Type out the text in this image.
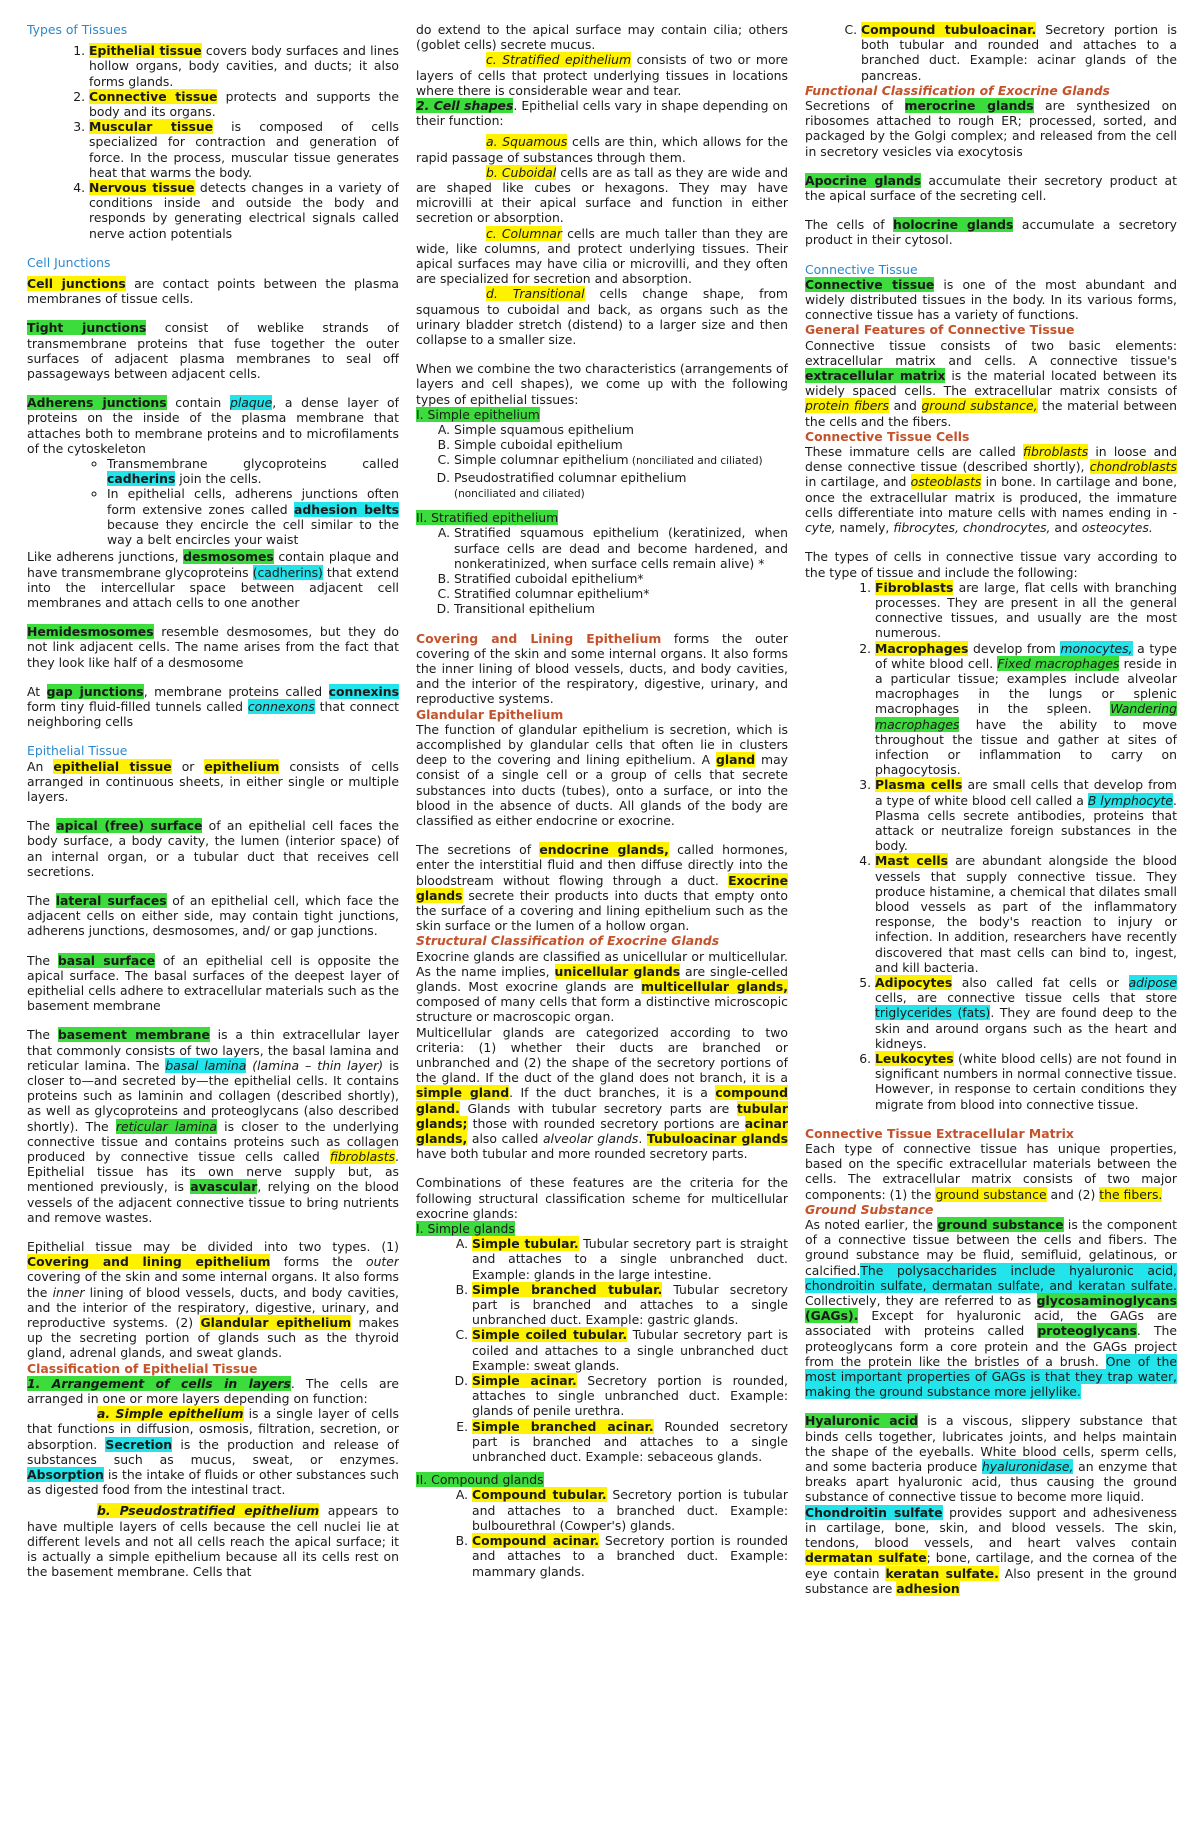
Types of Tissues

1. Epithelial tissue covers body surfaces and lines hollow organs, body cavities, and ducts; it also forms glands.
2. Connective tissue protects and supports the body and its organs.
3. Muscular tissue is composed of cells specialized for contraction and generation of force. In the process, muscular tissue generates heat that warms the body.
4. Nervous tissue detects changes in a variety of conditions inside and outside the body and responds by generating electrical signals called nerve action potentials

Cell Junctions

Cell junctions are contact points between the plasma membranes of tissue cells.

Tight junctions consist of weblike strands of transmembrane proteins that fuse together the outer surfaces of adjacent plasma membranes to seal off passageways between adjacent cells.

Adherens junctions contain plaque, a dense layer of proteins on the inside of the plasma membrane that attaches both to membrane proteins and to microfilaments of the cytoskeleton

◦ Transmembrane glycoproteins called cadherins join the cells.
◦ In epithelial cells, adherens junctions often form extensive zones called adhesion belts because they encircle the cell similar to the way a belt encircles your waist

Like adherens junctions, desmosomes contain plaque and have transmembrane glycoproteins (cadherins) that extend into the intercellular space between adjacent cell membranes and attach cells to one another

Hemidesmosomes resemble desmosomes, but they do not link adjacent cells. The name arises from the fact that they look like half of a desmosome

At gap junctions, membrane proteins called connexins form tiny fluid-filled tunnels called connexons that connect neighboring cells

Epithelial Tissue

An epithelial tissue or epithelium consists of cells arranged in continuous sheets, in either single or multiple layers.

The apical (free) surface of an epithelial cell faces the body surface, a body cavity, the lumen (interior space) of an internal organ, or a tubular duct that receives cell secretions.

The lateral surfaces of an epithelial cell, which face the adjacent cells on either side, may contain tight junctions, adherens junctions, desmosomes, and/ or gap junctions.

The basal surface of an epithelial cell is opposite the apical surface. The basal surfaces of the deepest layer of epithelial cells adhere to extracellular materials such as the basement membrane

The basement membrane is a thin extracellular layer that commonly consists of two layers, the basal lamina and reticular lamina. The basal lamina (lamina – thin layer) is closer to—and secreted by—the epithelial cells. It contains proteins such as laminin and collagen (described shortly), as well as glycoproteins and proteoglycans (also described shortly). The reticular lamina is closer to the underlying connective tissue and contains proteins such as collagen produced by connective tissue cells called fibroblasts. Epithelial tissue has its own nerve supply but, as mentioned previously, is avascular, relying on the blood vessels of the adjacent connective tissue to bring nutrients and remove wastes.

Epithelial tissue may be divided into two types. (1) Covering and lining epithelium forms the outer covering of the skin and some internal organs. It also forms the inner lining of blood vessels, ducts, and body cavities, and the interior of the respiratory, digestive, urinary, and reproductive systems. (2) Glandular epithelium makes up the secreting portion of glands such as the thyroid gland, adrenal glands, and sweat glands.

Classification of Epithelial Tissue

1. Arrangement of cells in layers. The cells are arranged in one or more layers depending on function:

a. Simple epithelium is a single layer of cells that functions in diffusion, osmosis, filtration, secretion, or absorption. Secretion is the production and release of substances such as mucus, sweat, or enzymes. Absorption is the intake of fluids or other substances such as digested food from the intestinal tract.

b. Pseudostratified epithelium appears to have multiple layers of cells because the cell nuclei lie at different levels and not all cells reach the apical surface; it is actually a simple epithelium because all its cells rest on the basement membrane. Cells that

do extend to the apical surface may contain cilia; others (goblet cells) secrete mucus.

c. Stratified epithelium consists of two or more layers of cells that protect underlying tissues in locations where there is considerable wear and tear.

2. Cell shapes. Epithelial cells vary in shape depending on their function:

a. Squamous cells are thin, which allows for the rapid passage of substances through them.

b. Cuboidal cells are as tall as they are wide and are shaped like cubes or hexagons. They may have microvilli at their apical surface and function in either secretion or absorption.

c. Columnar cells are much taller than they are wide, like columns, and protect underlying tissues. Their apical surfaces may have cilia or microvilli, and they often are specialized for secretion and absorption.

d. Transitional cells change shape, from squamous to cuboidal and back, as organs such as the urinary bladder stretch (distend) to a larger size and then collapse to a smaller size.

When we combine the two characteristics (arrangements of layers and cell shapes), we come up with the following types of epithelial tissues:

I. Simple epithelium

A. Simple squamous epithelium
B. Simple cuboidal epithelium
C. Simple columnar epithelium (nonciliated and ciliated)
D. Pseudostratified columnar epithelium
(nonciliated and ciliated)

II. Stratified epithelium

A. Stratified squamous epithelium (keratinized, when surface cells are dead and become hardened, and nonkeratinized, when surface cells remain alive) *
B. Stratified cuboidal epithelium*
C. Stratified columnar epithelium*
D. Transitional epithelium

Covering and Lining Epithelium forms the outer covering of the skin and some internal organs. It also forms the inner lining of blood vessels, ducts, and body cavities, and the interior of the respiratory, digestive, urinary, and reproductive systems.

Glandular Epithelium

The function of glandular epithelium is secretion, which is accomplished by glandular cells that often lie in clusters deep to the covering and lining epithelium. A gland may consist of a single cell or a group of cells that secrete substances into ducts (tubes), onto a surface, or into the blood in the absence of ducts. All glands of the body are classified as either endocrine or exocrine.

The secretions of endocrine glands, called hormones, enter the interstitial fluid and then diffuse directly into the bloodstream without flowing through a duct. Exocrine glands secrete their products into ducts that empty onto the surface of a covering and lining epithelium such as the skin surface or the lumen of a hollow organ.

Structural Classification of Exocrine Glands

Exocrine glands are classified as unicellular or multicellular. As the name implies, unicellular glands are single-celled glands. Most exocrine glands are multicellular glands, composed of many cells that form a distinctive microscopic structure or macroscopic organ.

Multicellular glands are categorized according to two criteria: (1) whether their ducts are branched or unbranched and (2) the shape of the secretory portions of the gland. If the duct of the gland does not branch, it is a simple gland. If the duct branches, it is a compound gland. Glands with tubular secretory parts are tubular glands; those with rounded secretory portions are acinar glands, also called alveolar glands. Tubuloacinar glands have both tubular and more rounded secretory parts.

Combinations of these features are the criteria for the following structural classification scheme for multicellular exocrine glands:

I. Simple glands

A. Simple tubular. Tubular secretory part is straight and attaches to a single unbranched duct. Example: glands in the large intestine.
B. Simple branched tubular. Tubular secretory part is branched and attaches to a single unbranched duct. Example: gastric glands.
C. Simple coiled tubular. Tubular secretory part is coiled and attaches to a single unbranched duct Example: sweat glands.
D. Simple acinar. Secretory portion is rounded, attaches to single unbranched duct. Example: glands of penile urethra.
E. Simple branched acinar. Rounded secretory part is branched and attaches to a single unbranched duct. Example: sebaceous glands.

II. Compound glands

A. Compound tubular. Secretory portion is tubular and attaches to a branched duct. Example: bulbourethral (Cowper's) glands.
B. Compound acinar. Secretory portion is rounded and attaches to a branched duct. Example: mammary glands.
C. Compound tubuloacinar. Secretory portion is both tubular and rounded and attaches to a branched duct. Example: acinar glands of the pancreas.

Functional Classification of Exocrine Glands

Secretions of merocrine glands are synthesized on ribosomes attached to rough ER; processed, sorted, and packaged by the Golgi complex; and released from the cell in secretory vesicles via exocytosis

Apocrine glands accumulate their secretory product at the apical surface of the secreting cell.

The cells of holocrine glands accumulate a secretory product in their cytosol.

Connective Tissue

Connective tissue is one of the most abundant and widely distributed tissues in the body. In its various forms, connective tissue has a variety of functions.

General Features of Connective Tissue

Connective tissue consists of two basic elements: extracellular matrix and cells. A connective tissue's extracellular matrix is the material located between its widely spaced cells. The extracellular matrix consists of protein fibers and ground substance, the material between the cells and the fibers.

Connective Tissue Cells

These immature cells are called fibroblasts in loose and dense connective tissue (described shortly), chondroblasts in cartilage, and osteoblasts in bone. In cartilage and bone, once the extracellular matrix is produced, the immature cells differentiate into mature cells with names ending in -cyte, namely, fibrocytes, chondrocytes, and osteocytes.

The types of cells in connective tissue vary according to the type of tissue and include the following:

1. Fibroblasts are large, flat cells with branching processes. They are present in all the general connective tissues, and usually are the most numerous.
2. Macrophages develop from monocytes, a type of white blood cell. Fixed macrophages reside in a particular tissue; examples include alveolar macrophages in the lungs or splenic macrophages in the spleen. Wandering macrophages have the ability to move throughout the tissue and gather at sites of infection or inflammation to carry on phagocytosis.
3. Plasma cells are small cells that develop from a type of white blood cell called a B lymphocyte. Plasma cells secrete antibodies, proteins that attack or neutralize foreign substances in the body.
4. Mast cells are abundant alongside the blood vessels that supply connective tissue. They produce histamine, a chemical that dilates small blood vessels as part of the inflammatory response, the body's reaction to injury or infection. In addition, researchers have recently discovered that mast cells can bind to, ingest, and kill bacteria.
5. Adipocytes also called fat cells or adipose cells, are connective tissue cells that store triglycerides (fats). They are found deep to the skin and around organs such as the heart and kidneys.
6. Leukocytes (white blood cells) are not found in significant numbers in normal connective tissue. However, in response to certain conditions they migrate from blood into connective tissue.

Connective Tissue Extracellular Matrix

Each type of connective tissue has unique properties, based on the specific extracellular materials between the cells. The extracellular matrix consists of two major components: (1) the ground substance and (2) the fibers.

Ground Substance

As noted earlier, the ground substance is the component of a connective tissue between the cells and fibers. The ground substance may be fluid, semifluid, gelatinous, or calcified.The polysaccharides include hyaluronic acid, chondroitin sulfate, dermatan sulfate, and keratan sulfate. Collectively, they are referred to as glycosaminoglycans (GAGs). Except for hyaluronic acid, the GAGs are associated with proteins called proteoglycans. The proteoglycans form a core protein and the GAGs project from the protein like the bristles of a brush. One of the most important properties of GAGs is that they trap water, making the ground substance more jellylike.

Hyaluronic acid is a viscous, slippery substance that binds cells together, lubricates joints, and helps maintain the shape of the eyeballs. White blood cells, sperm cells, and some bacteria produce hyaluronidase, an enzyme that breaks apart hyaluronic acid, thus causing the ground substance of connective tissue to become more liquid.

Chondroitin sulfate provides support and adhesiveness in cartilage, bone, skin, and blood vessels. The skin, tendons, blood vessels, and heart valves contain dermatan sulfate; bone, cartilage, and the cornea of the eye contain keratan sulfate. Also present in the ground substance are adhesion
